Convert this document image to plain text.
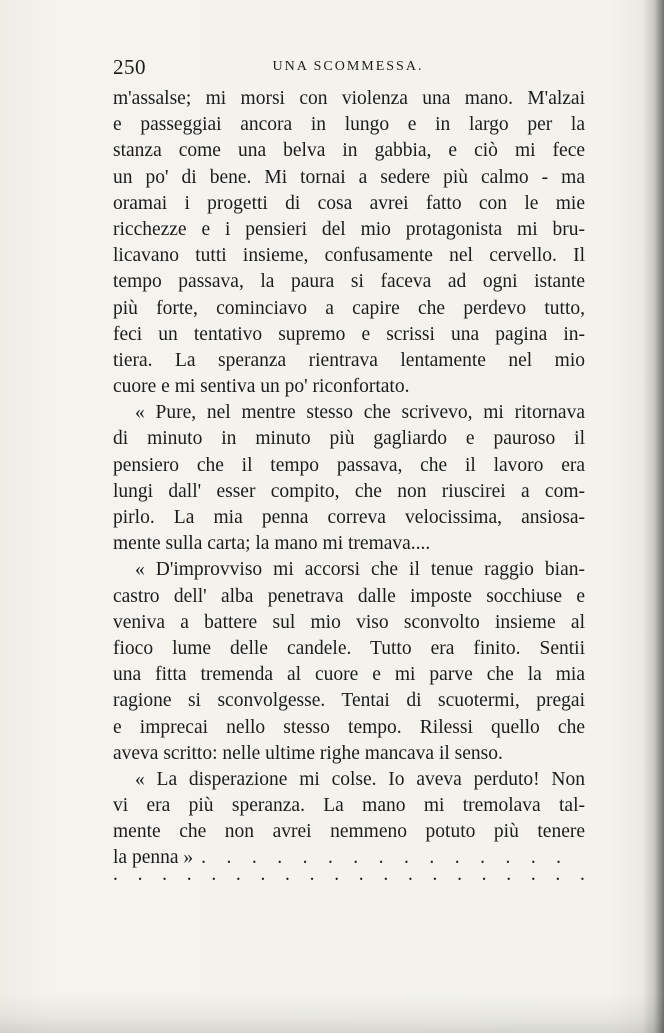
250	UNA SCOMMESSA.
m'assalse; mi morsi con violenza una mano. M'alzai
e passeggiai ancora in lungo e in largo per la
stanza come una belva in gabbia, e ciò mi fece
un po' di bene. Mi tornai a sedere più calmo - ma
oramai i progetti di cosa avrei fatto con le mie
ricchezze e i pensieri del mio protagonista mi bru-
licavano tutti insieme, confusamente nel cervello. Il
tempo passava, la paura si faceva ad ogni istante
più forte, cominciavo a capire che perdevo tutto,
feci un tentativo supremo e scrissi una pagina in-
tiera. La speranza rientrava lentamente nel mio
cuore e mi sentiva un po' riconfortato.
« Pure, nel mentre stesso che scrivevo, mi ritornava
di minuto in minuto più gagliardo e pauroso il
pensiero che il tempo passava, che il lavoro era
lungi dall' esser compito, che non riuscirei a com-
pirlo. La mia penna correva velocissima, ansiosa-
mente sulla carta; la mano mi tremava....
« D'improvviso mi accorsi che il tenue raggio bian-
castro dell' alba penetrava dalle imposte socchiuse e
veniva a battere sul mio viso sconvolto insieme al
fioco lume delle candele. Tutto era finito. Sentii
una fitta tremenda al cuore e mi parve che la mia
ragione si sconvolgesse. Tentai di scuotermi, pregai
e imprecai nello stesso tempo. Rilessi quello che
aveva scritto: nelle ultime righe mancava il senso.
« La disperazione mi colse. Io aveva perduto! Non
vi era più speranza. La mano mi tremolava tal-
mente che non avrei nemmeno potuto più tenere
la penna » . . . . . . . . . . . . . . .
. . . . . . . . . . . . . . . . . . . .
